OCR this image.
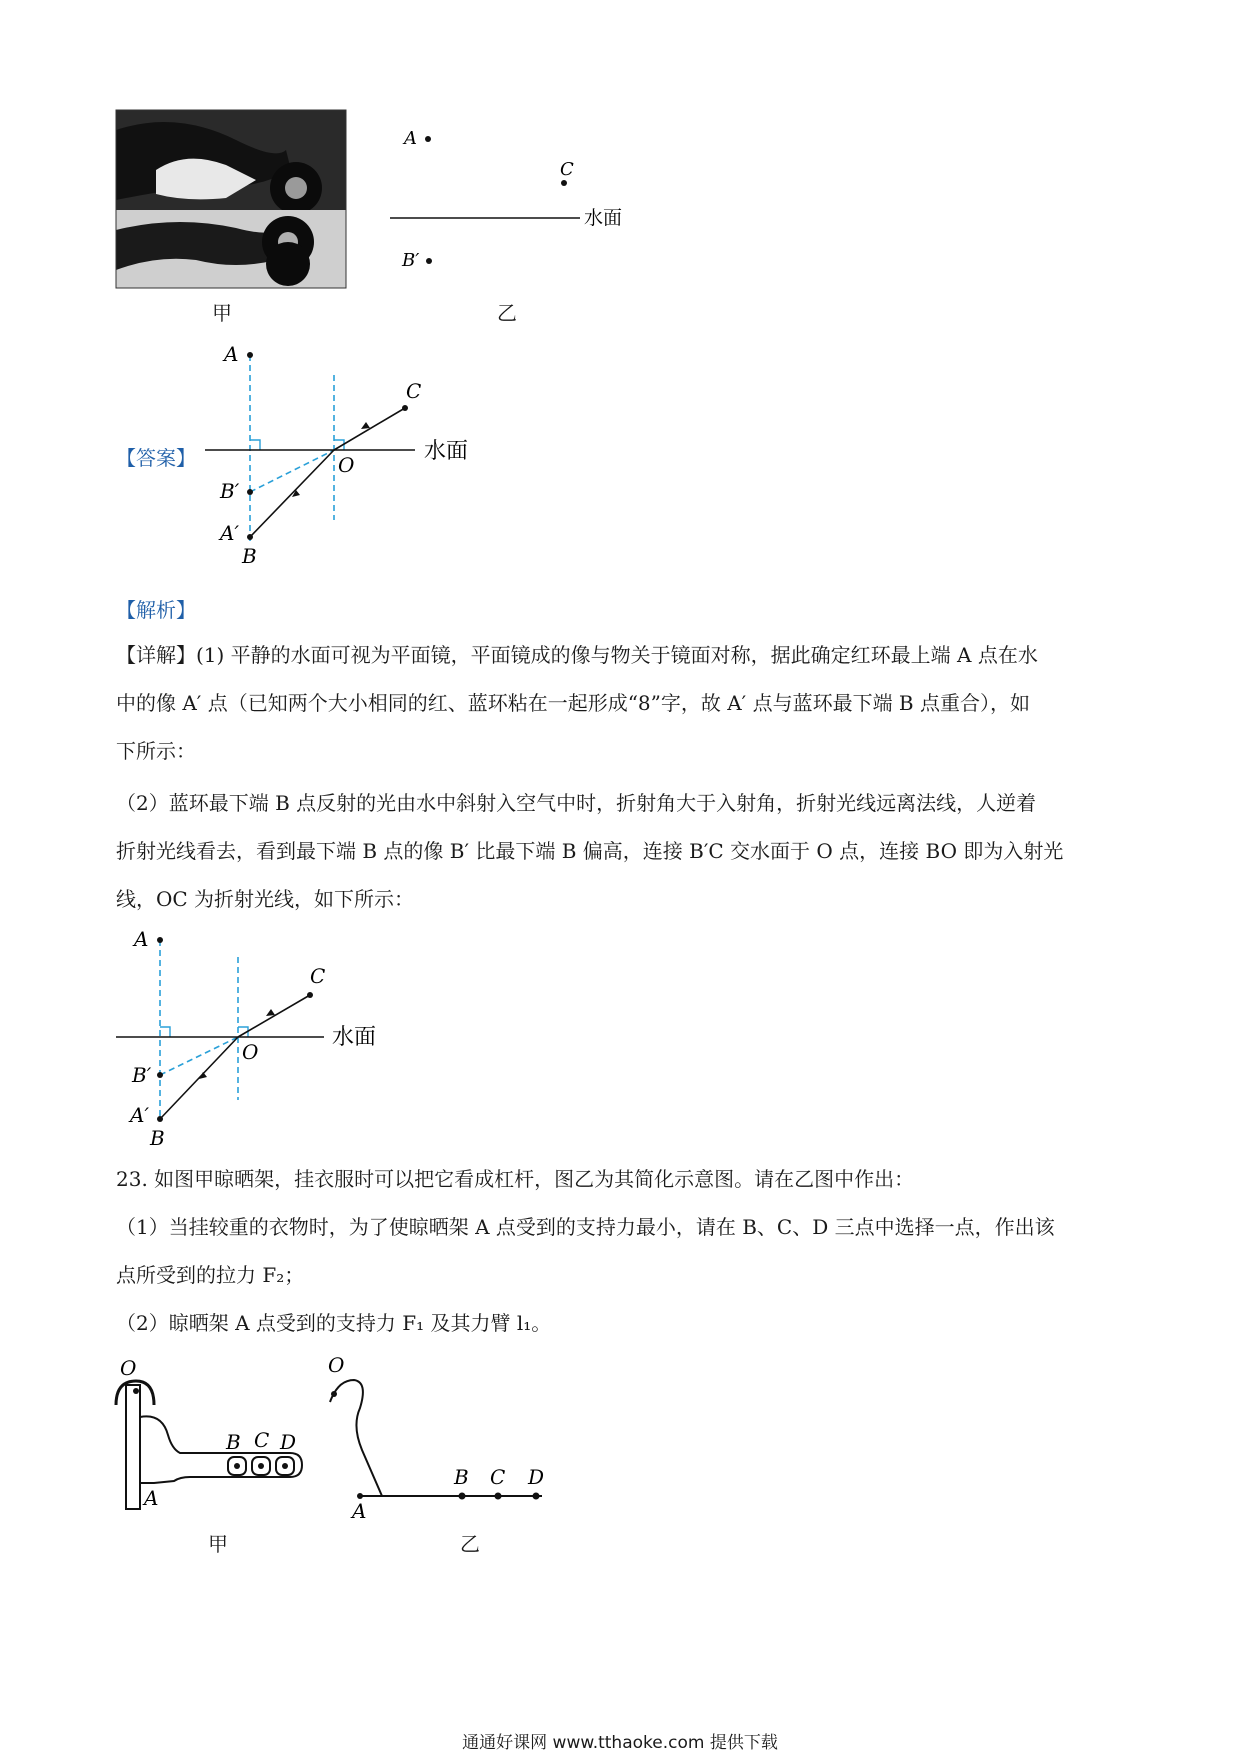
甲
A
C
水面
B′
乙
【答案】
A
C
O
水面
B′
A′
B
【解析】
【详解】(1) 平静的水面可视为平面镜，平面镜成的像与物关于镜面对称，据此确定红环最上端 A 点在水
中的像 A′ 点（已知两个大小相同的红、蓝环粘在一起形成“8”字，故 A′ 点与蓝环最下端 B 点重合），如
下所示：
（2）蓝环最下端 B 点反射的光由水中斜射入空气中时，折射角大于入射角，折射光线远离法线，人逆着
折射光线看去，看到最下端 B 点的像 B′ 比最下端 B 偏高，连接 B′C 交水面于 O 点，连接 BO 即为入射光
线，OC 为折射光线，如下所示：
A
C
O
水面
B′
A′
B
23. 如图甲晾晒架，挂衣服时可以把它看成杠杆，图乙为其简化示意图。请在乙图中作出：
（1）当挂较重的衣物时，为了使晾晒架 A 点受到的支持力最小，请在 B、C、D 三点中选择一点，作出该
点所受到的拉力 F₂；
（2）晾晒架 A 点受到的支持力 F₁ 及其力臂 l₁。
O
B C D
A
甲
O
B C D
A
乙
通通好课网 www.tthaoke.com 提供下载
